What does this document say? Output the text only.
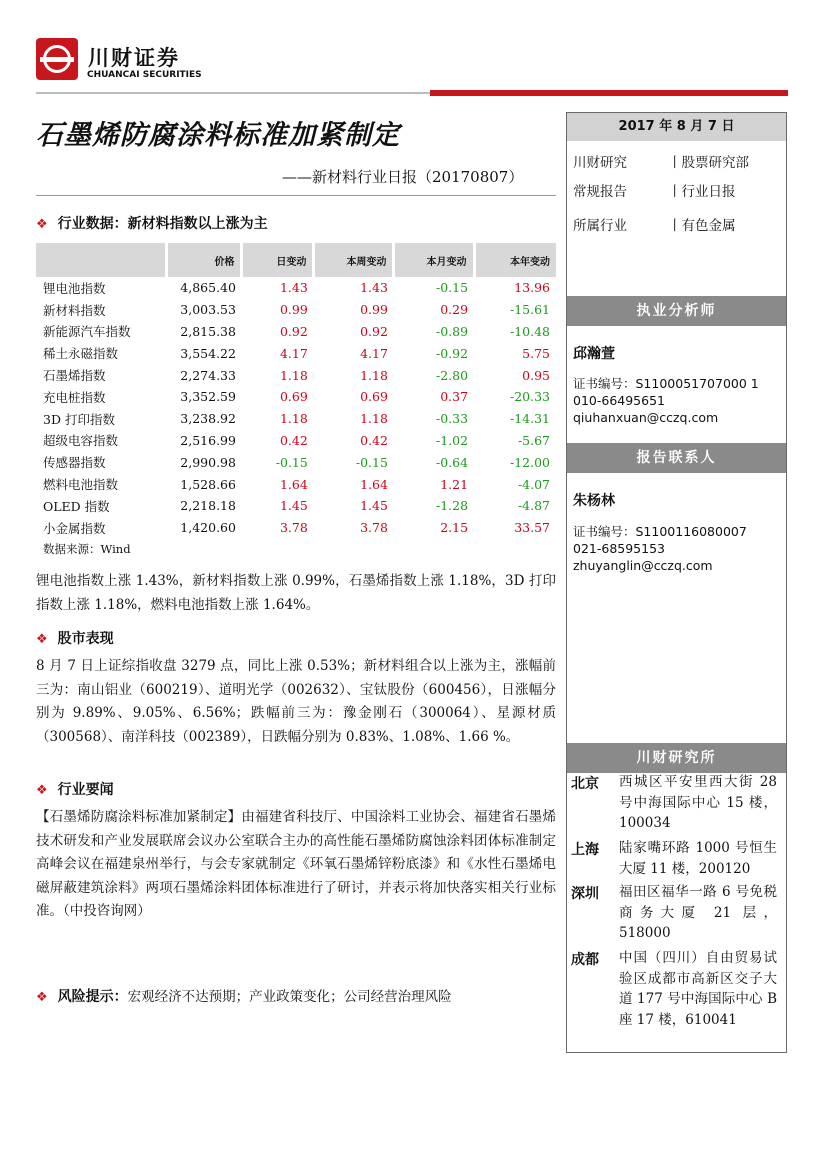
川财证券
CHUANCAI SECURITIES
石墨烯防腐涂料标准加紧制定
——新材料行业日报（20170807）
❖ 行业数据：新材料指数以上涨为主
	价格	日变动	本周变动	本月变动	本年变动
锂电池指数	4,865.40	1.43	1.43	-0.15	13.96
新材料指数	3,003.53	0.99	0.99	0.29	-15.61
新能源汽车指数	2,815.38	0.92	0.92	-0.89	-10.48
稀土永磁指数	3,554.22	4.17	4.17	-0.92	5.75
石墨烯指数	2,274.33	1.18	1.18	-2.80	0.95
充电桩指数	3,352.59	0.69	0.69	0.37	-20.33
3D 打印指数	3,238.92	1.18	1.18	-0.33	-14.31
超级电容指数	2,516.99	0.42	0.42	-1.02	-5.67
传感器指数	2,990.98	-0.15	-0.15	-0.64	-12.00
燃料电池指数	1,528.66	1.64	1.64	1.21	-4.07
OLED 指数	2,218.18	1.45	1.45	-1.28	-4.87
小金属指数	1,420.60	3.78	3.78	2.15	33.57
数据来源：Wind
锂电池指数上涨 1.43%，新材料指数上涨 0.99%，石墨烯指数上涨 1.18%，3D 打印指数上涨 1.18%，燃料电池指数上涨 1.64%。
❖ 股市表现
8 月 7 日上证综指收盘 3279 点，同比上涨 0.53%；新材料组合以上涨为主，涨幅前三为：南山铝业（600219）、道明光学（002632）、宝钛股份（600456），日涨幅分别为 9.89%、9.05%、6.56%；跌幅前三为：豫金刚石（300064）、星源材质（300568）、南洋科技（002389），日跌幅分别为 0.83%、1.08%、1.66 %。
❖ 行业要闻
【石墨烯防腐涂料标准加紧制定】由福建省科技厅、中国涂料工业协会、福建省石墨烯技术研发和产业发展联席会议办公室联合主办的高性能石墨烯防腐蚀涂料团体标准制定高峰会议在福建泉州举行，与会专家就制定《环氧石墨烯锌粉底漆》和《水性石墨烯电磁屏蔽建筑涂料》两项石墨烯涂料团体标准进行了研讨，并表示将加快落实相关行业标准。（中投咨询网）
❖ 风险提示：宏观经济不达预期；产业政策变化；公司经营治理风险
2017 年 8 月 7 日
川财研究	丨股票研究部
常规报告	丨行业日报
所属行业	丨有色金属
执业分析师
邱瀚萱
证书编号：S1100051707000 1
010-66495651
qiuhanxuan@cczq.com
报告联系人
朱杨林
证书编号：S1100116080007
021-68595153
zhuyanglin@cczq.com
川财研究所
北京 西城区平安里西大街 28 号中海国际中心 15 楼，100034
上海 陆家嘴环路 1000 号恒生大厦 11 楼，200120
深圳 福田区福华一路 6 号免税商务大厦 21 层，518000
成都 中国（四川）自由贸易试验区成都市高新区交子大道 177 号中海国际中心 B 座 17 楼，610041
